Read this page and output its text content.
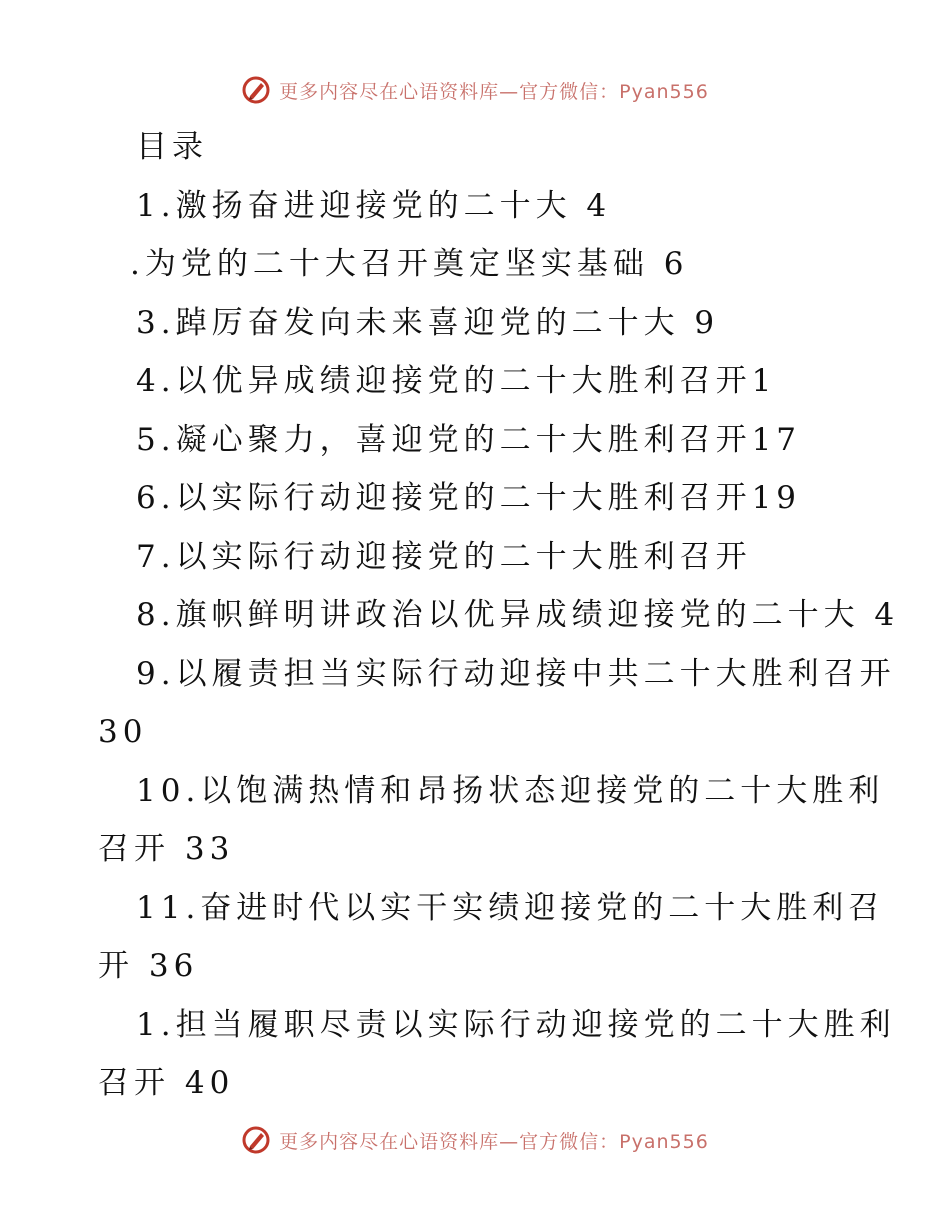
更多内容尽在心语资料库—官方微信：Pyan556
目录
1.激扬奋进迎接党的二十大 4
.为党的二十大召开奠定坚实基础 6
3.踔厉奋发向未来喜迎党的二十大 9
4.以优异成绩迎接党的二十大胜利召开1
5.凝心聚力，喜迎党的二十大胜利召开17
6.以实际行动迎接党的二十大胜利召开19
7.以实际行动迎接党的二十大胜利召开
8.旗帜鲜明讲政治以优异成绩迎接党的二十大 4
9.以履责担当实际行动迎接中共二十大胜利召开
30
10.以饱满热情和昂扬状态迎接党的二十大胜利
召开 33
11.奋进时代以实干实绩迎接党的二十大胜利召
开 36
1.担当履职尽责以实际行动迎接党的二十大胜利
召开 40
更多内容尽在心语资料库—官方微信：Pyan556
